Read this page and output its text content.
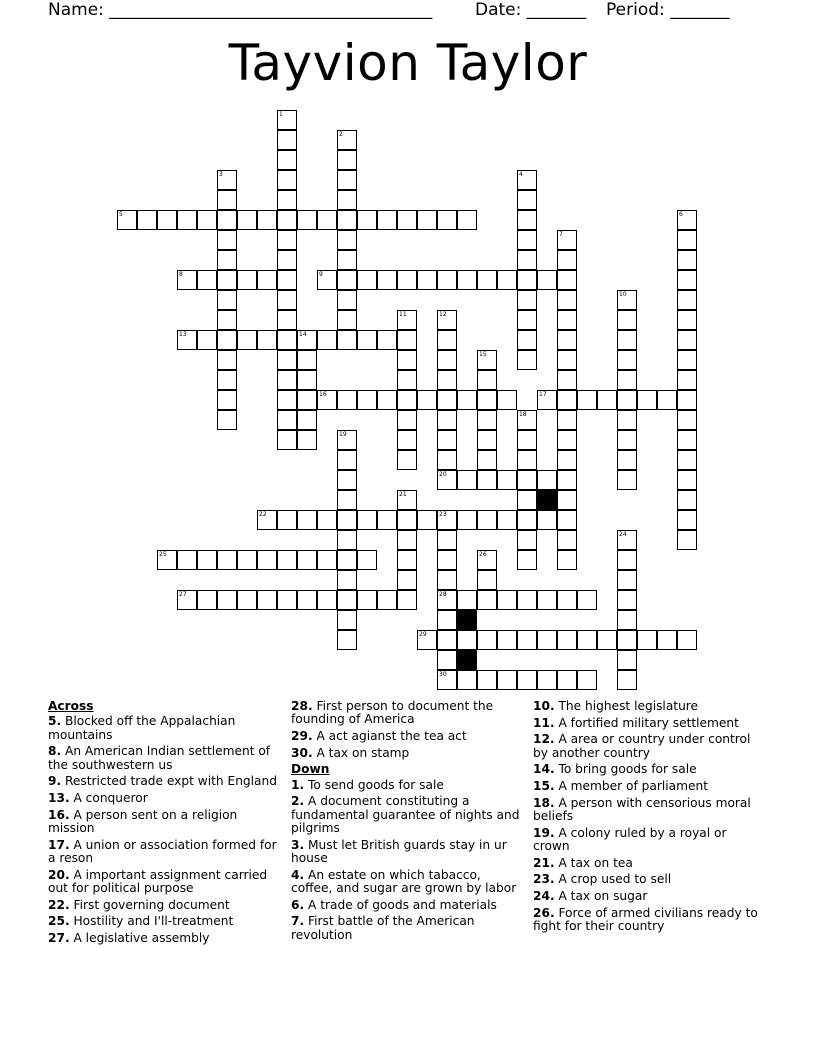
Name: ______________________________________	Date: _______ Period: _______
Tayvion Taylor
5
8	9
13
16	17
20
22
25
27	28
29
30
1
2
3	4
6
7
10
11	12
14
15
18
19
21
23
24
26
Across
5. Blocked off the Appalachian mountains
8. An American Indian settlement of the southwestern us
9. Restricted trade expt with England
13. A conqueror
16. A person sent on a religion mission
17. A union or association formed for a reson
20. A important assignment carried out for political purpose
22. First governing document
25. Hostility and I'll-treatment
27. A legislative assembly
28. First person to document the founding of America
29. A act agianst the tea act
30. A tax on stamp
Down
1. To send goods for sale
2. A document constituting a fundamental guarantee of nights and pilgrims
3. Must let British guards stay in ur house
4. An estate on which tabacco, coffee, and sugar are grown by labor
6. A trade of goods and materials
7. First battle of the American revolution
10. The highest legislature
11. A fortified military settlement
12. A area or country under control by another country
14. To bring goods for sale
15. A member of parliament
18. A person with censorious moral beliefs
19. A colony ruled by a royal or crown
21. A tax on tea
23. A crop used to sell
24. A tax on sugar
26. Force of armed civilians ready to fight for their country
